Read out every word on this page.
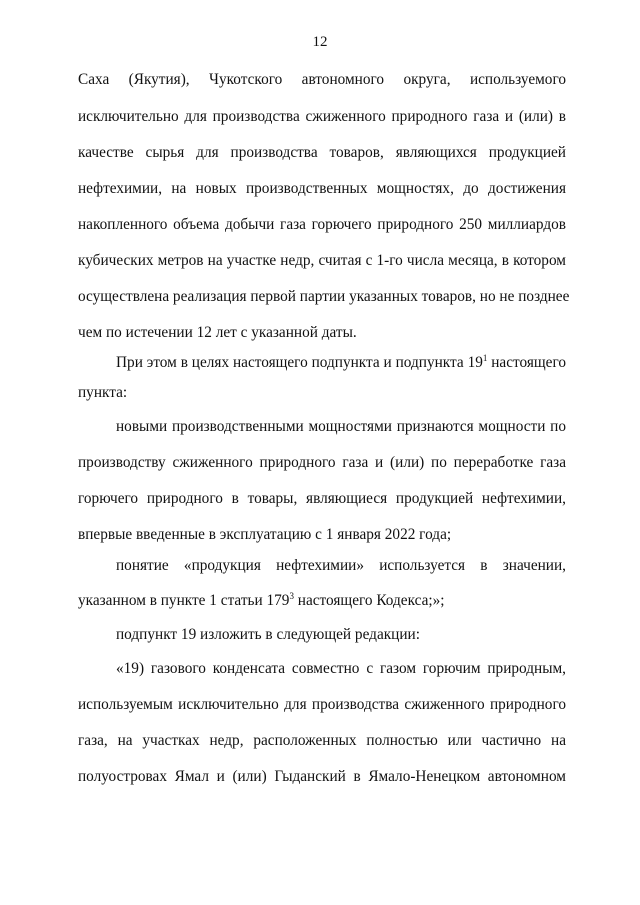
12
Саха (Якутия), Чукотского автономного округа, используемого
исключительно для производства сжиженного природного газа и (или) в
качестве сырья для производства товаров, являющихся продукцией
нефтехимии, на новых производственных мощностях, до достижения
накопленного объема добычи газа горючего природного 250 миллиардов
кубических метров на участке недр, считая с 1-го числа месяца, в котором
осуществлена реализация первой партии указанных товаров, но не позднее
чем по истечении 12 лет с указанной даты.
При этом в целях настоящего подпункта и подпункта $19^1$ настоящего
пункта:
новыми производственными мощностями признаются мощности по
производству сжиженного природного газа и (или) по переработке газа
горючего природного в товары, являющиеся продукцией нефтехимии,
впервые введенные в эксплуатацию с 1 января 2022 года;
понятие «продукция нефтехимии» используется в значении,
указанном в пункте 1 статьи $179^3$ настоящего Кодекса;»;
подпункт 19 изложить в следующей редакции:
«19) газового конденсата совместно с газом горючим природным,
используемым исключительно для производства сжиженного природного
газа, на участках недр, расположенных полностью или частично на
полуостровах Ямал и (или) Гыданский в Ямало-Ненецком автономном
